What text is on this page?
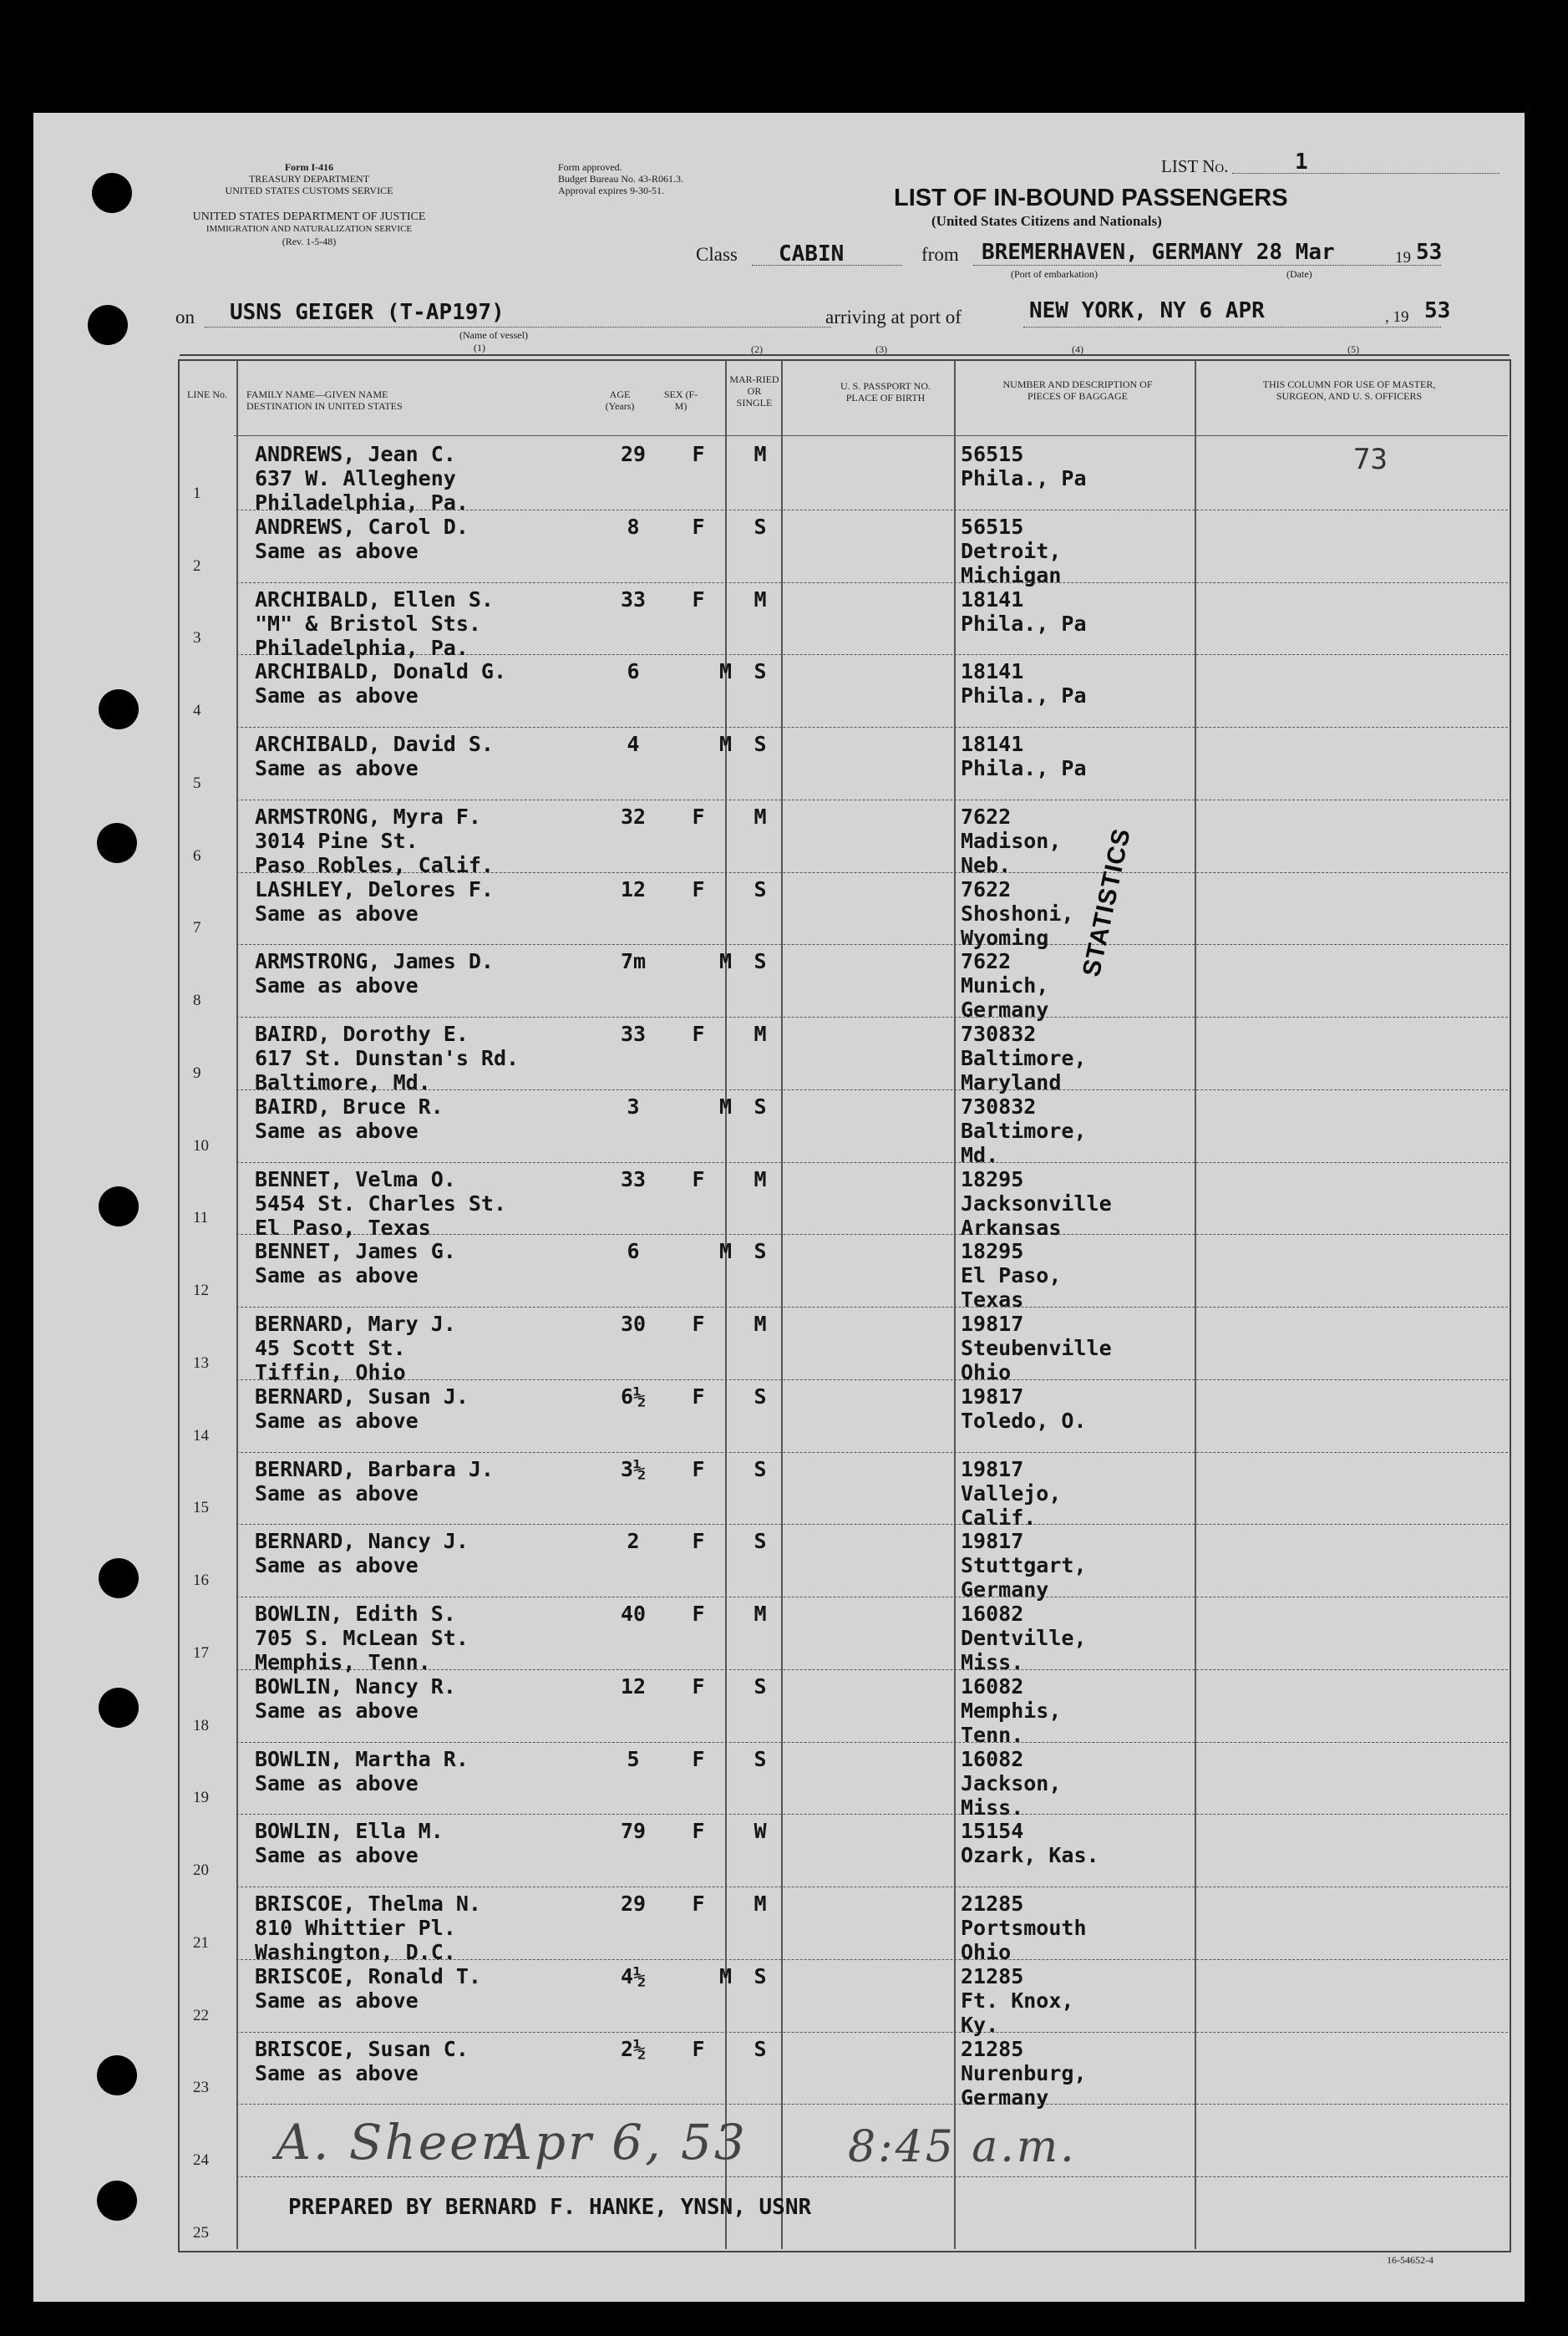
Form I-416
TREASURY DEPARTMENT
UNITED STATES CUSTOMS SERVICE
UNITED STATES DEPARTMENT OF JUSTICE
IMMIGRATION AND NATURALIZATION SERVICE
(Rev. 1-5-48)
Form approved.
Budget Bureau No. 43-R061.3.
Approval expires 9-30-51.
LIST No.	1
LIST OF IN-BOUND PASSENGERS
(United States Citizens and Nationals)
Class CABIN	from BREMERHAVEN, GERMANY 28 Mar	19 53
(Port of embarkation)	(Date)
on USNS GEIGER (T-AP197)
(Name of vessel)
(1)
arriving at port of	NEW YORK, NY 6 APR	, 19 53
LINE No. FAMILY NAME—GIVEN NAME DESTINATION IN UNITED STATES
AGE (Years)
SEX (F-M)
(2)
MAR-RIED OR SINGLE
(3)
U. S. PASSPORT NO. PLACE OF BIRTH
(4)
NUMBER AND DESCRIPTION OF PIECES OF BAGGAGE
(5)
THIS COLUMN FOR USE OF MASTER, SURGEON, AND U. S. OFFICERS
1
ANDREWS, Jean C.
637 W. Allegheny
Philadelphia, Pa.
29	F	M	56515
Phila., Pa
2
ANDREWS, Carol D.
Same as above
8	F	S	56515
Detroit,
Michigan
3
ARCHIBALD, Ellen S.
"M" & Bristol Sts.
Philadelphia, Pa.
33	F	M	18141
Phila., Pa
4
ARCHIBALD, Donald G.
Same as above
6	M	S	18141
Phila., Pa
5
ARCHIBALD, David S.
Same as above
4	M	S	18141
Phila., Pa
6
ARMSTRONG, Myra F.
3014 Pine St.
Paso Robles, Calif.
32	F	M	7622
Madison,
Neb.
7
LASHLEY, Delores F.
Same as above
12	F	S	7622
Shoshoni,
Wyoming
8
ARMSTRONG, James D.
Same as above
7m	M	S	7622
Munich,
Germany
9
BAIRD, Dorothy E.
617 St. Dunstan's Rd.
Baltimore, Md.
33	F	M	730832
Baltimore,
Maryland
10
BAIRD, Bruce R.
Same as above
3	M	S	730832
Baltimore,
Md.
11
BENNET, Velma O.
5454 St. Charles St.
El Paso, Texas
33	F	M	18295
Jacksonville
Arkansas
12
BENNET, James G.
Same as above
6	M	S	18295
El Paso,
Texas
13
BERNARD, Mary J.
45 Scott St.
Tiffin, Ohio
30	F	M	19817
Steubenville
Ohio
14
BERNARD, Susan J.
Same as above
6½	F	S	19817
Toledo, O.
15
BERNARD, Barbara J.
Same as above
3½	F	S	19817
Vallejo,
Calif.
16
BERNARD, Nancy J.
Same as above
2	F	S	19817
Stuttgart,
Germany
17
BOWLIN, Edith S.
705 S. McLean St.
Memphis, Tenn.
40	F	M	16082
Dentville,
Miss.
18
BOWLIN, Nancy R.
Same as above
12	F	S	16082
Memphis,
Tenn.
19
BOWLIN, Martha R.
Same as above
5	F	S	16082
Jackson,
Miss.
20
BOWLIN, Ella M.
Same as above
79	F	W	15154
Ozark, Kas.
21
BRISCOE, Thelma N.
810 Whittier Pl.
Washington, D.C.
29	F	M	21285
Portsmouth
Ohio
22
BRISCOE, Ronald T.
Same as above
4½	M	S	21285
Ft. Knox,
Ky.
23
BRISCOE, Susan C.
Same as above
2½	F	S	21285
Nurenburg,
Germany
24
25
73
STATISTICS
A. Sheen
Apr 6, 53 8:45 a.m.
PREPARED BY BERNARD F. HANKE, YNSN, USNR
16-54652-4
